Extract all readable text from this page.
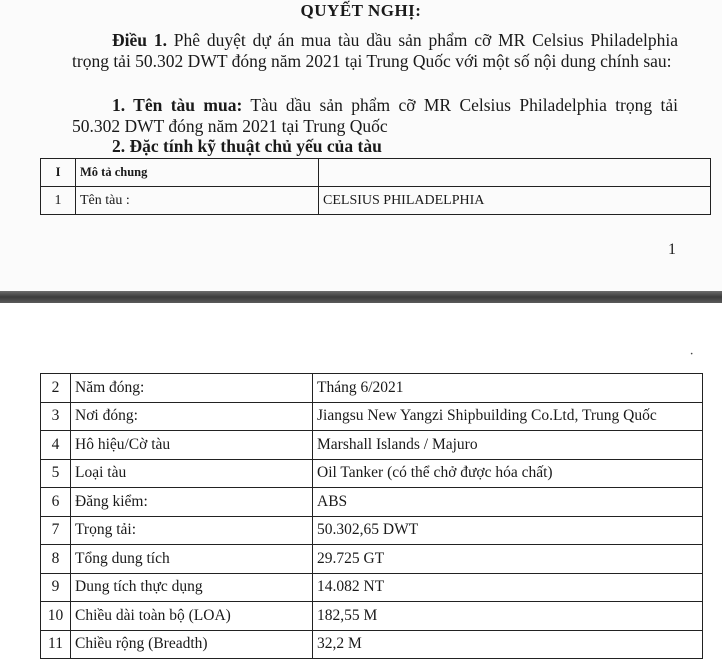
QUYẾT NGHỊ:
Điều 1. Phê duyệt dự án mua tàu dầu sản phẩm cỡ MR Celsius Philadelphia trọng tải 50.302 DWT đóng năm 2021 tại Trung Quốc với một số nội dung chính sau:
1. Tên tàu mua: Tàu dầu sản phẩm cỡ MR Celsius Philadelphia trọng tải 50.302 DWT đóng năm 2021 tại Trung Quốc
2. Đặc tính kỹ thuật chủ yếu của tàu
I	Mô tả chung	
1	Tên tàu :	CELSIUS PHILADELPHIA
1
·
2	Năm đóng:	Tháng 6/2021
3	Nơi đóng:	Jiangsu New Yangzi Shipbuilding Co.Ltd, Trung Quốc
4	Hô hiệu/Cờ tàu	Marshall Islands / Majuro
5	Loại tàu	Oil Tanker (có thể chở được hóa chất)
6	Đăng kiểm:	ABS
7	Trọng tải:	50.302,65 DWT
8	Tổng dung tích	29.725 GT
9	Dung tích thực dụng	14.082 NT
10	Chiều dài toàn bộ (LOA)	182,55 M
11	Chiều rộng (Breadth)	32,2 M
